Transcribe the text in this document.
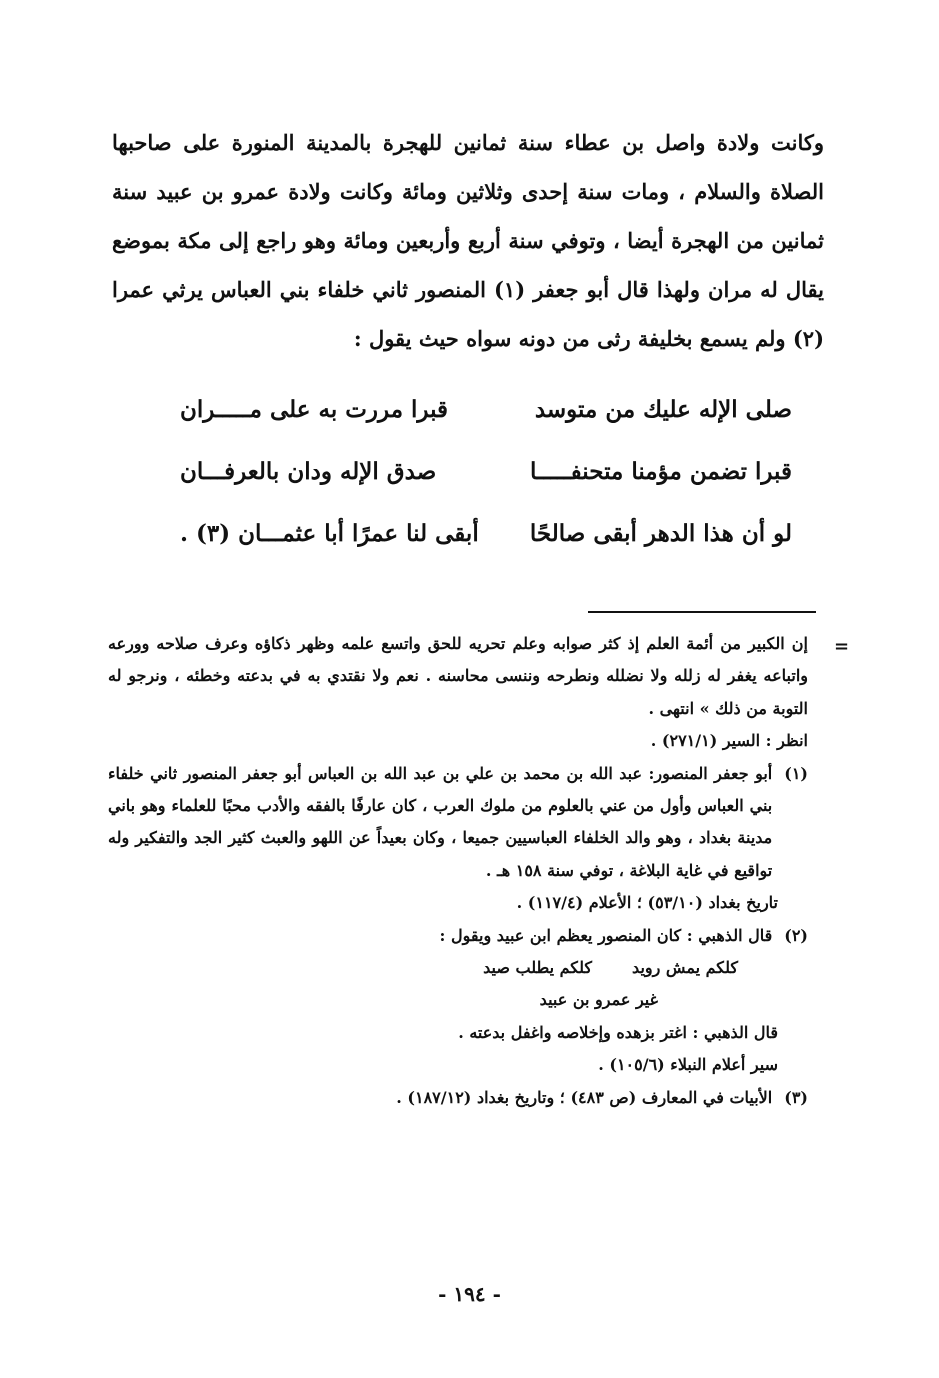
وكانت ولادة واصل بن عطاء سنة ثمانين للهجرة بالمدينة المنورة على صاحبها الصلاة والسلام ، ومات سنة إحدى وثلاثين ومائة وكانت ولادة عمرو بن عبيد سنة ثمانين من الهجرة أيضا ، وتوفي سنة أربع وأربعين ومائة وهو راجع إلى مكة بموضع يقال له مران ولهذا قال أبو جعفر (١) المنصور ثاني خلفاء بني العباس يرثي عمرا (٢) ولم يسمع بخليفة رثى من دونه سواه حيث يقول :

صلى الإله عليك من متوسد
قبرا مررت به على مـــــران
قبرا تضمن مؤمنا متحنفـــــا
صدق الإله ودان بالعرفـــان
لو أن هذا الدهر أبقى صالحًا
أبقى لنا عمرًا أبا عثمـــان (٣) .
=

إن الكبير من أئمة العلم إذ كثر صوابه وعلم تحريه للحق واتسع علمه وظهر ذكاؤه وعرف صلاحه وورعه واتباعه يغفر له زلله ولا نضلله ونطرحه وننسى محاسنه . نعم ولا نقتدي به في بدعته وخطئه ، ونرجو له التوبة من ذلك » انتهى .

انظر : السير (٢٧١/١) .
(١)

أبو جعفر المنصور: عبد الله بن محمد بن علي بن عبد الله بن العباس أبو جعفر المنصور ثاني خلفاء بني العباس وأول من عني بالعلوم من ملوك العرب ، كان عارفًا بالفقه والأدب محبًا للعلماء وهو باني مدينة بغداد ، وهو والد الخلفاء العباسيين جميعا ، وكان بعيداً عن اللهو والعبث كثير الجد والتفكير وله تواقيع في غاية البلاغة ، توفي سنة ١٥٨ هـ .

تاريخ بغداد (٥٣/١٠) ؛ الأعلام (١١٧/٤) .
(٢)
قال الذهبي : كان المنصور يعظم ابن عبيد ويقول :
كلكم يمش رويد
كلكم يطلب صيد
غير عمرو بن عبيد
قال الذهبي : اغتر بزهده وإخلاصه واغفل بدعته .
سير أعلام النبلاء (١٠٥/٦) .
(٣)
الأبيات في المعارف (ص ٤٨٣) ؛ وتاريخ بغداد (١٨٧/١٢) .
- ١٩٤ -
